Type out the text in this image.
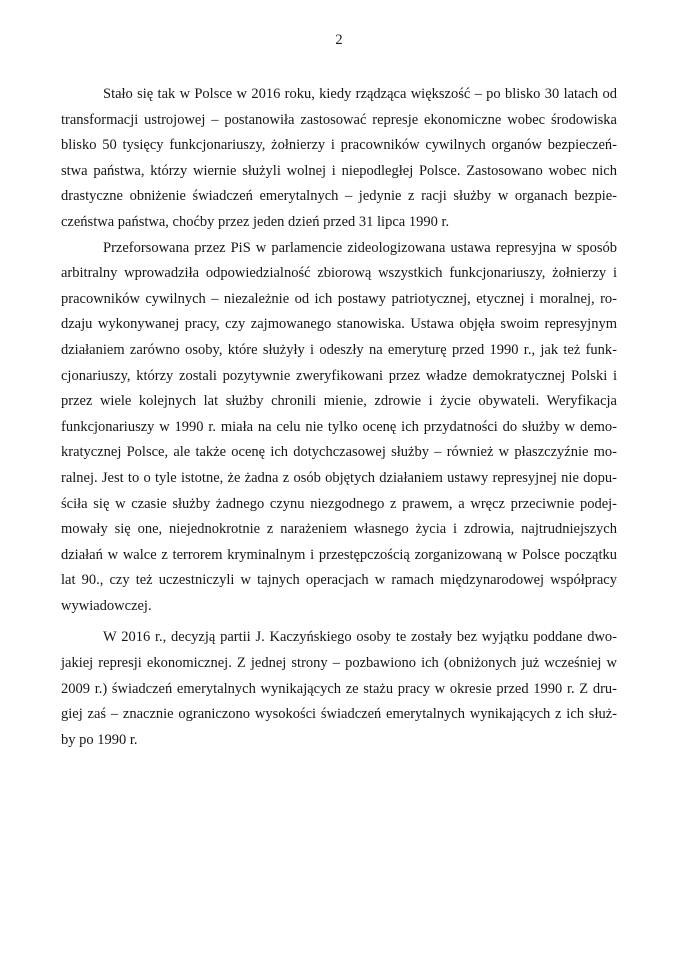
2
Stało się tak w Polsce w 2016 roku, kiedy rządząca większość – po blisko 30 latach od
transformacji ustrojowej – postanowiła zastosować represje ekonomiczne wobec środowiska
blisko 50 tysięcy funkcjonariuszy, żołnierzy i pracowników cywilnych organów bezpieczeń-
stwa państwa, którzy wiernie służyli wolnej i niepodległej Polsce. Zastosowano wobec nich
drastyczne obniżenie świadczeń emerytalnych – jedynie z racji służby w organach bezpie-
czeństwa państwa, choćby przez jeden dzień przed 31 lipca 1990 r.
Przeforsowana przez PiS w parlamencie zideologizowana ustawa represyjna w sposób
arbitralny wprowadziła odpowiedzialność zbiorową wszystkich funkcjonariuszy, żołnierzy i
pracowników cywilnych – niezależnie od ich postawy patriotycznej, etycznej i moralnej, ro-
dzaju wykonywanej pracy, czy zajmowanego stanowiska. Ustawa objęła swoim represyjnym
działaniem zarówno osoby, które służyły i odeszły na emeryturę przed 1990 r., jak też funk-
cjonariuszy, którzy zostali pozytywnie zweryfikowani przez władze demokratycznej Polski i
przez wiele kolejnych lat służby chronili mienie, zdrowie i życie obywateli. Weryfikacja
funkcjonariuszy w 1990 r. miała na celu nie tylko ocenę ich przydatności do służby w demo-
kratycznej Polsce, ale także ocenę ich dotychczasowej służby – również w płaszczyźnie mo-
ralnej. Jest to o tyle istotne, że żadna z osób objętych działaniem ustawy represyjnej nie dopu-
ściła się w czasie służby żadnego czynu niezgodnego z prawem, a wręcz przeciwnie podej-
mowały się one, niejednokrotnie z narażeniem własnego życia i zdrowia, najtrudniejszych
działań w walce z terrorem kryminalnym i przestępczością zorganizowaną w Polsce początku
lat 90., czy też uczestniczyli w tajnych operacjach w ramach międzynarodowej współpracy
wywiadowczej.
W 2016 r., decyzją partii J. Kaczyńskiego osoby te zostały bez wyjątku poddane dwo-
jakiej represji ekonomicznej. Z jednej strony – pozbawiono ich (obniżonych już wcześniej w
2009 r.) świadczeń emerytalnych wynikających ze stażu pracy w okresie przed 1990 r. Z dru-
giej zaś – znacznie ograniczono wysokości świadczeń emerytalnych wynikających z ich służ-
by po 1990 r.
